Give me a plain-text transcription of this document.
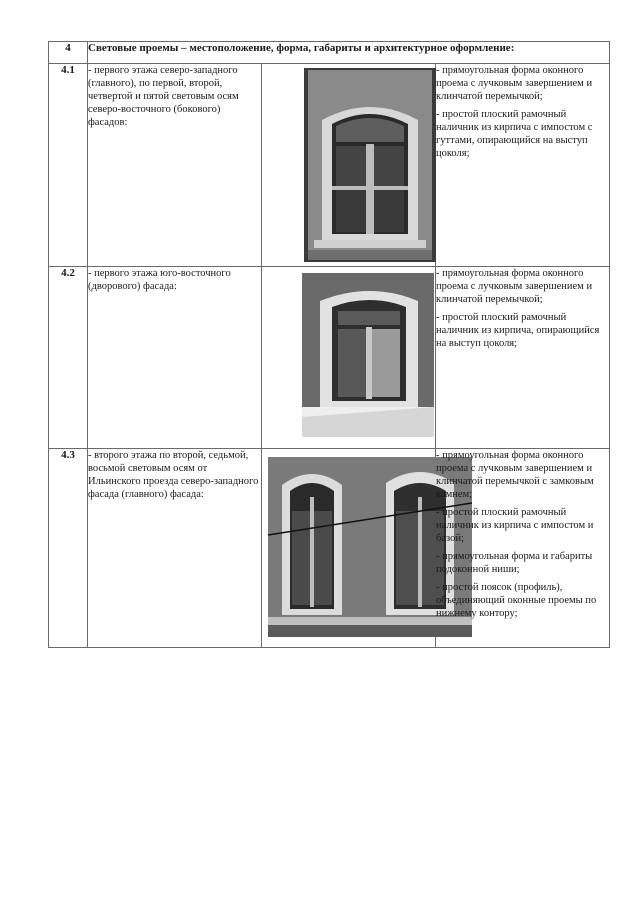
4	Световые проемы – местоположение, форма, габариты и архитектурное оформление:		
4.1	- первого этажа северо-западного (главного), по первой, второй, четвертой и пятой световым осям северо-восточного (бокового) фасадов:		- прямоугольная форма оконного проема с лучковым завершением и клинчатой перемычкой;

- простой плоский рамочный наличник из кирпича с импостом с гуттами, опирающийся на выступ цоколя;

4.2	- первого этажа юго-восточного (дворового) фасада:		- прямоугольная форма оконного проема с лучковым завершением и клинчатой перемычкой;

- простой плоский рамочный наличник из кирпича, опирающийся на выступ цоколя;

4.3	- второго этажа по второй, седьмой, восьмой световым осям от Ильинского проезда северо-западного фасада (главного) фасада:		- прямоугольная форма оконного проема с лучковым завершением и клинчатой перемычкой с замковым камнем;

- простой плоский рамочный наличник из кирпича с импостом и базой;

- прямоугольная форма и габариты подоконной ниши;

- простой поясок (профиль), объединяющий оконные проемы по нижнему контору;
